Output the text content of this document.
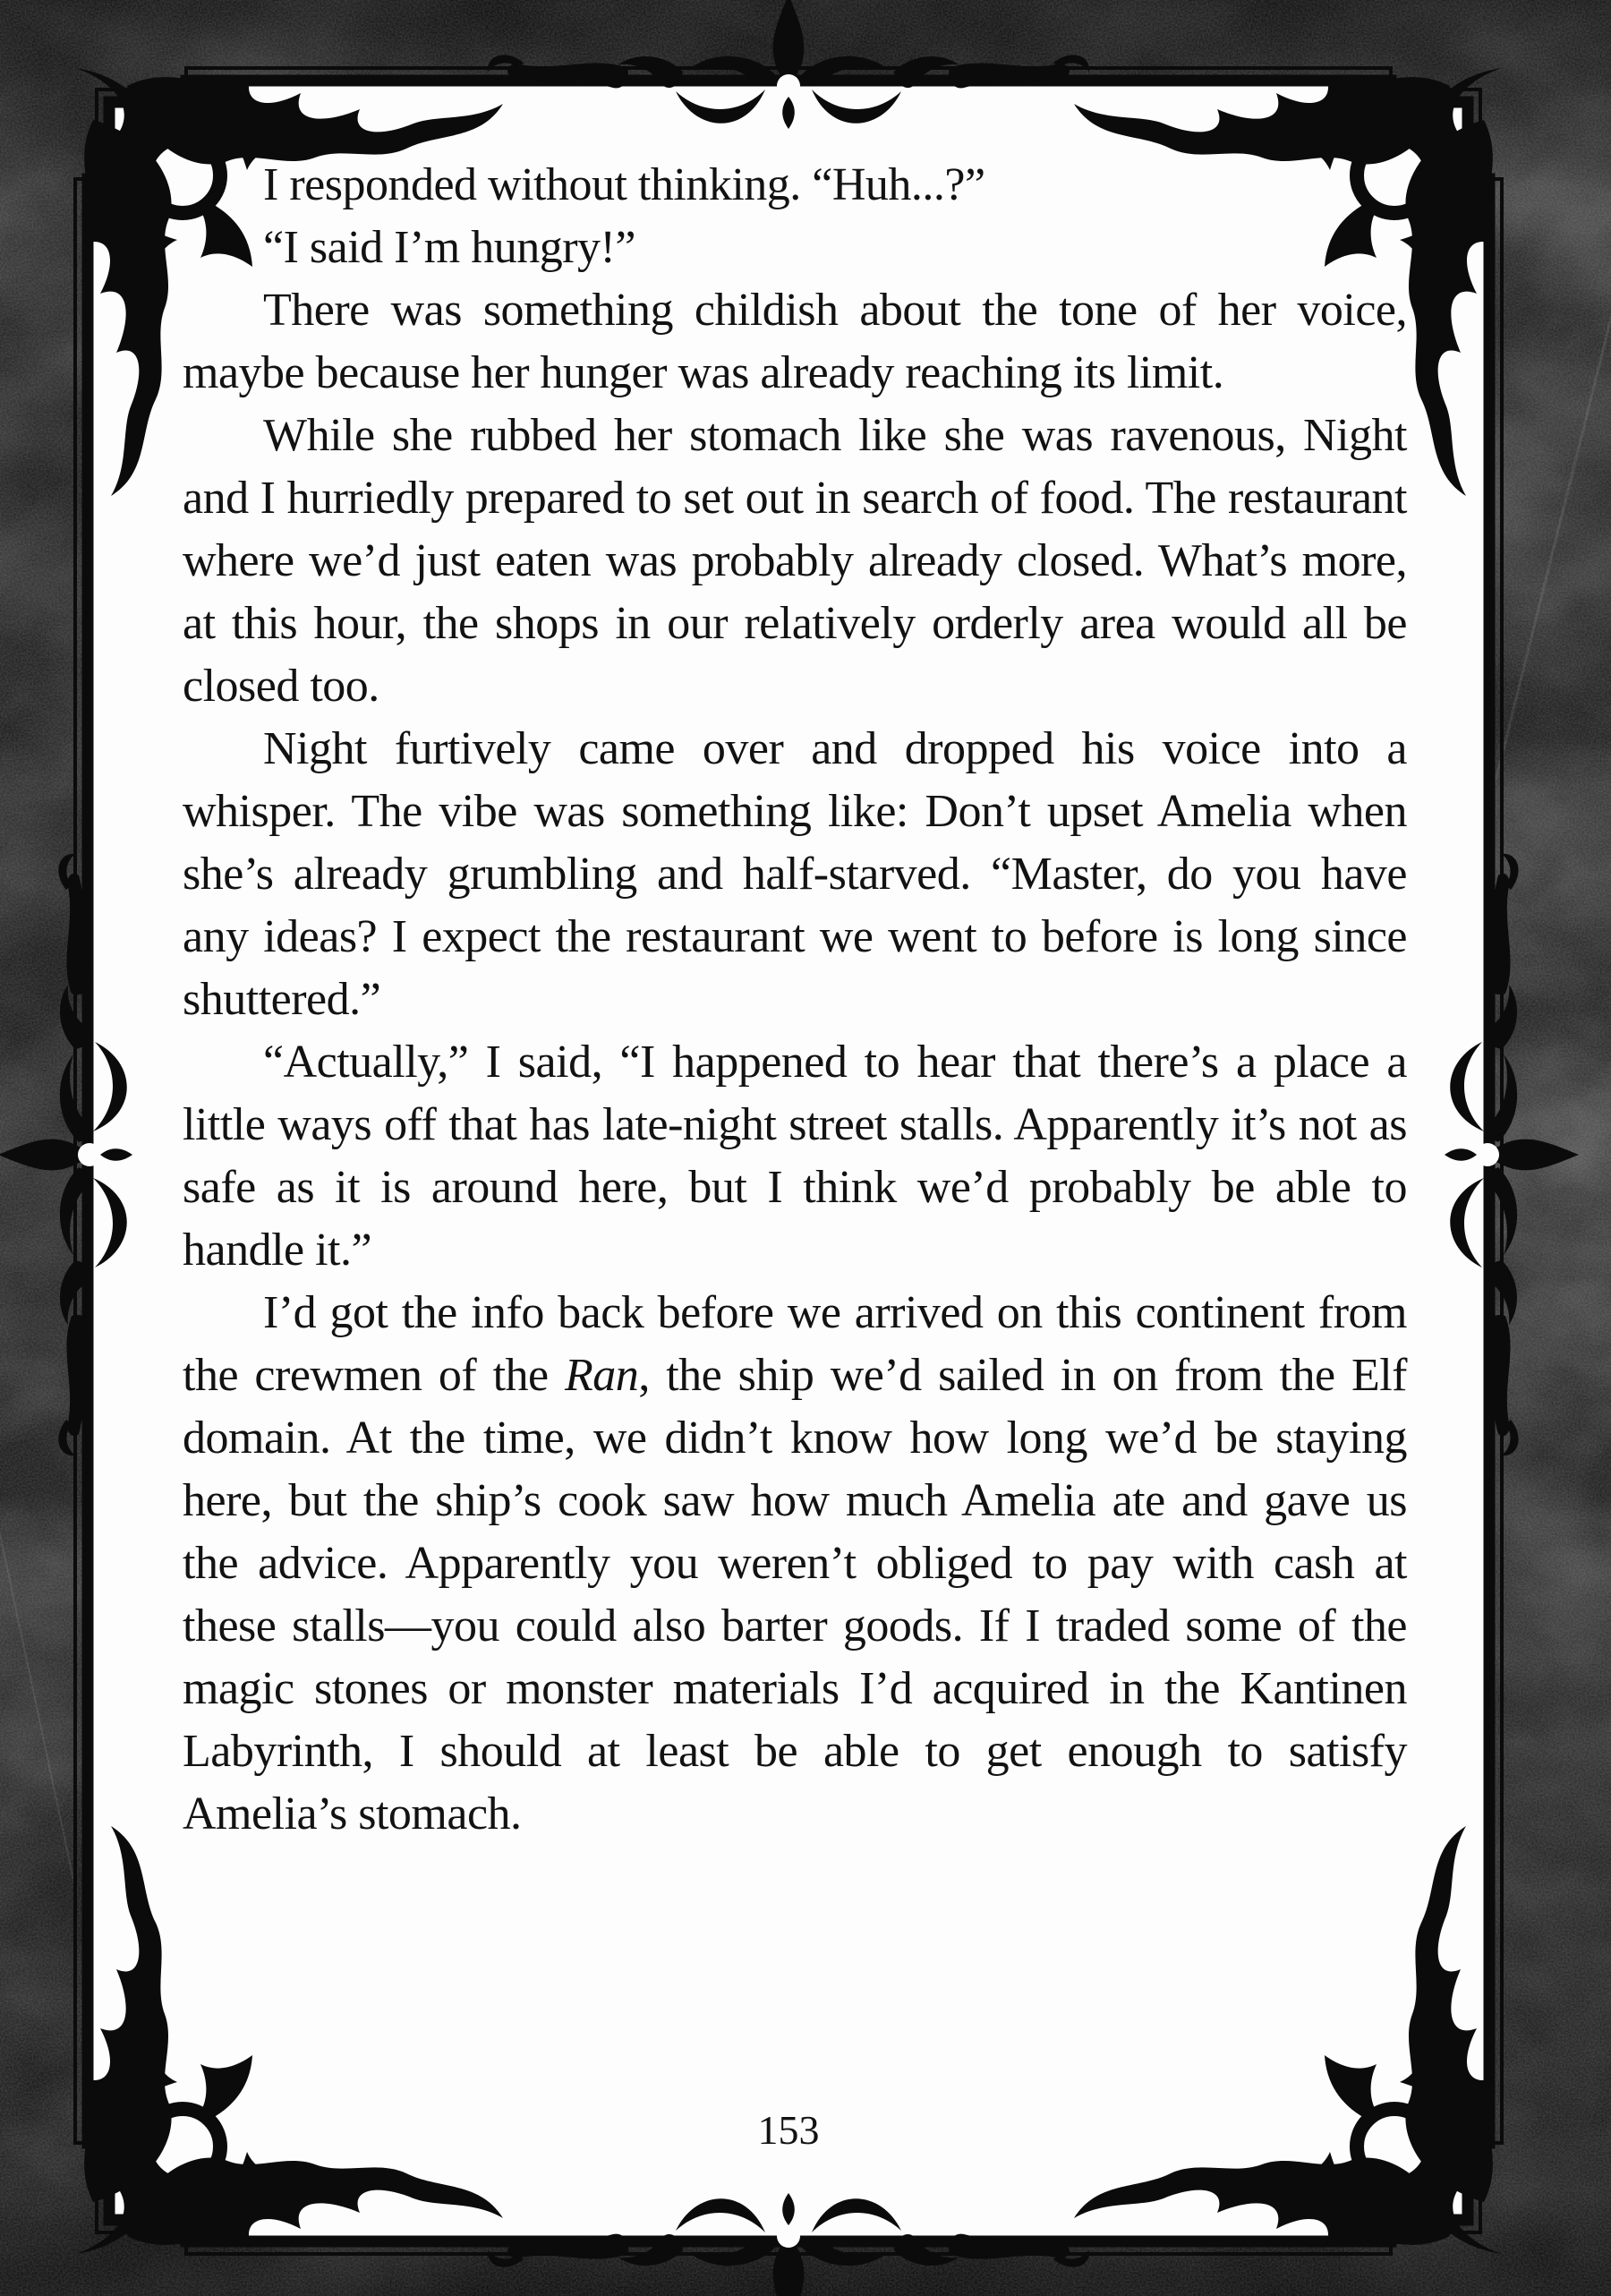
I responded without thinking. “Huh...?”

“I said I’m hungry!”

There was something childish about the tone of her voice, maybe because her hunger was already reaching its limit.

While she rubbed her stomach like she was ravenous, Night and I hurriedly prepared to set out in search of food. The restaurant where we’d just eaten was probably already closed. What’s more, at this hour, the shops in our relatively orderly area would all be closed too.

Night furtively came over and dropped his voice into a whisper. The vibe was something like: Don’t upset Amelia when she’s already grumbling and half-starved. “Master, do you have any ideas? I expect the restaurant we went to before is long since shuttered.”

“Actually,” I said, “I happened to hear that there’s a place a little ways off that has late-night street stalls. Apparently it’s not as safe as it is around here, but I think we’d probably be able to handle it.”

I’d got the info back before we arrived on this continent from the crewmen of the Ran, the ship we’d sailed in on from the Elf domain. At the time, we didn’t know how long we’d be staying here, but the ship’s cook saw how much Amelia ate and gave us the advice. Apparently you weren’t obliged to pay with cash at these stalls—you could also barter goods. If I traded some of the magic stones or monster materials I’d acquired in the Kantinen Labyrinth, I should at least be able to get enough to satisfy Amelia’s stomach.

153
